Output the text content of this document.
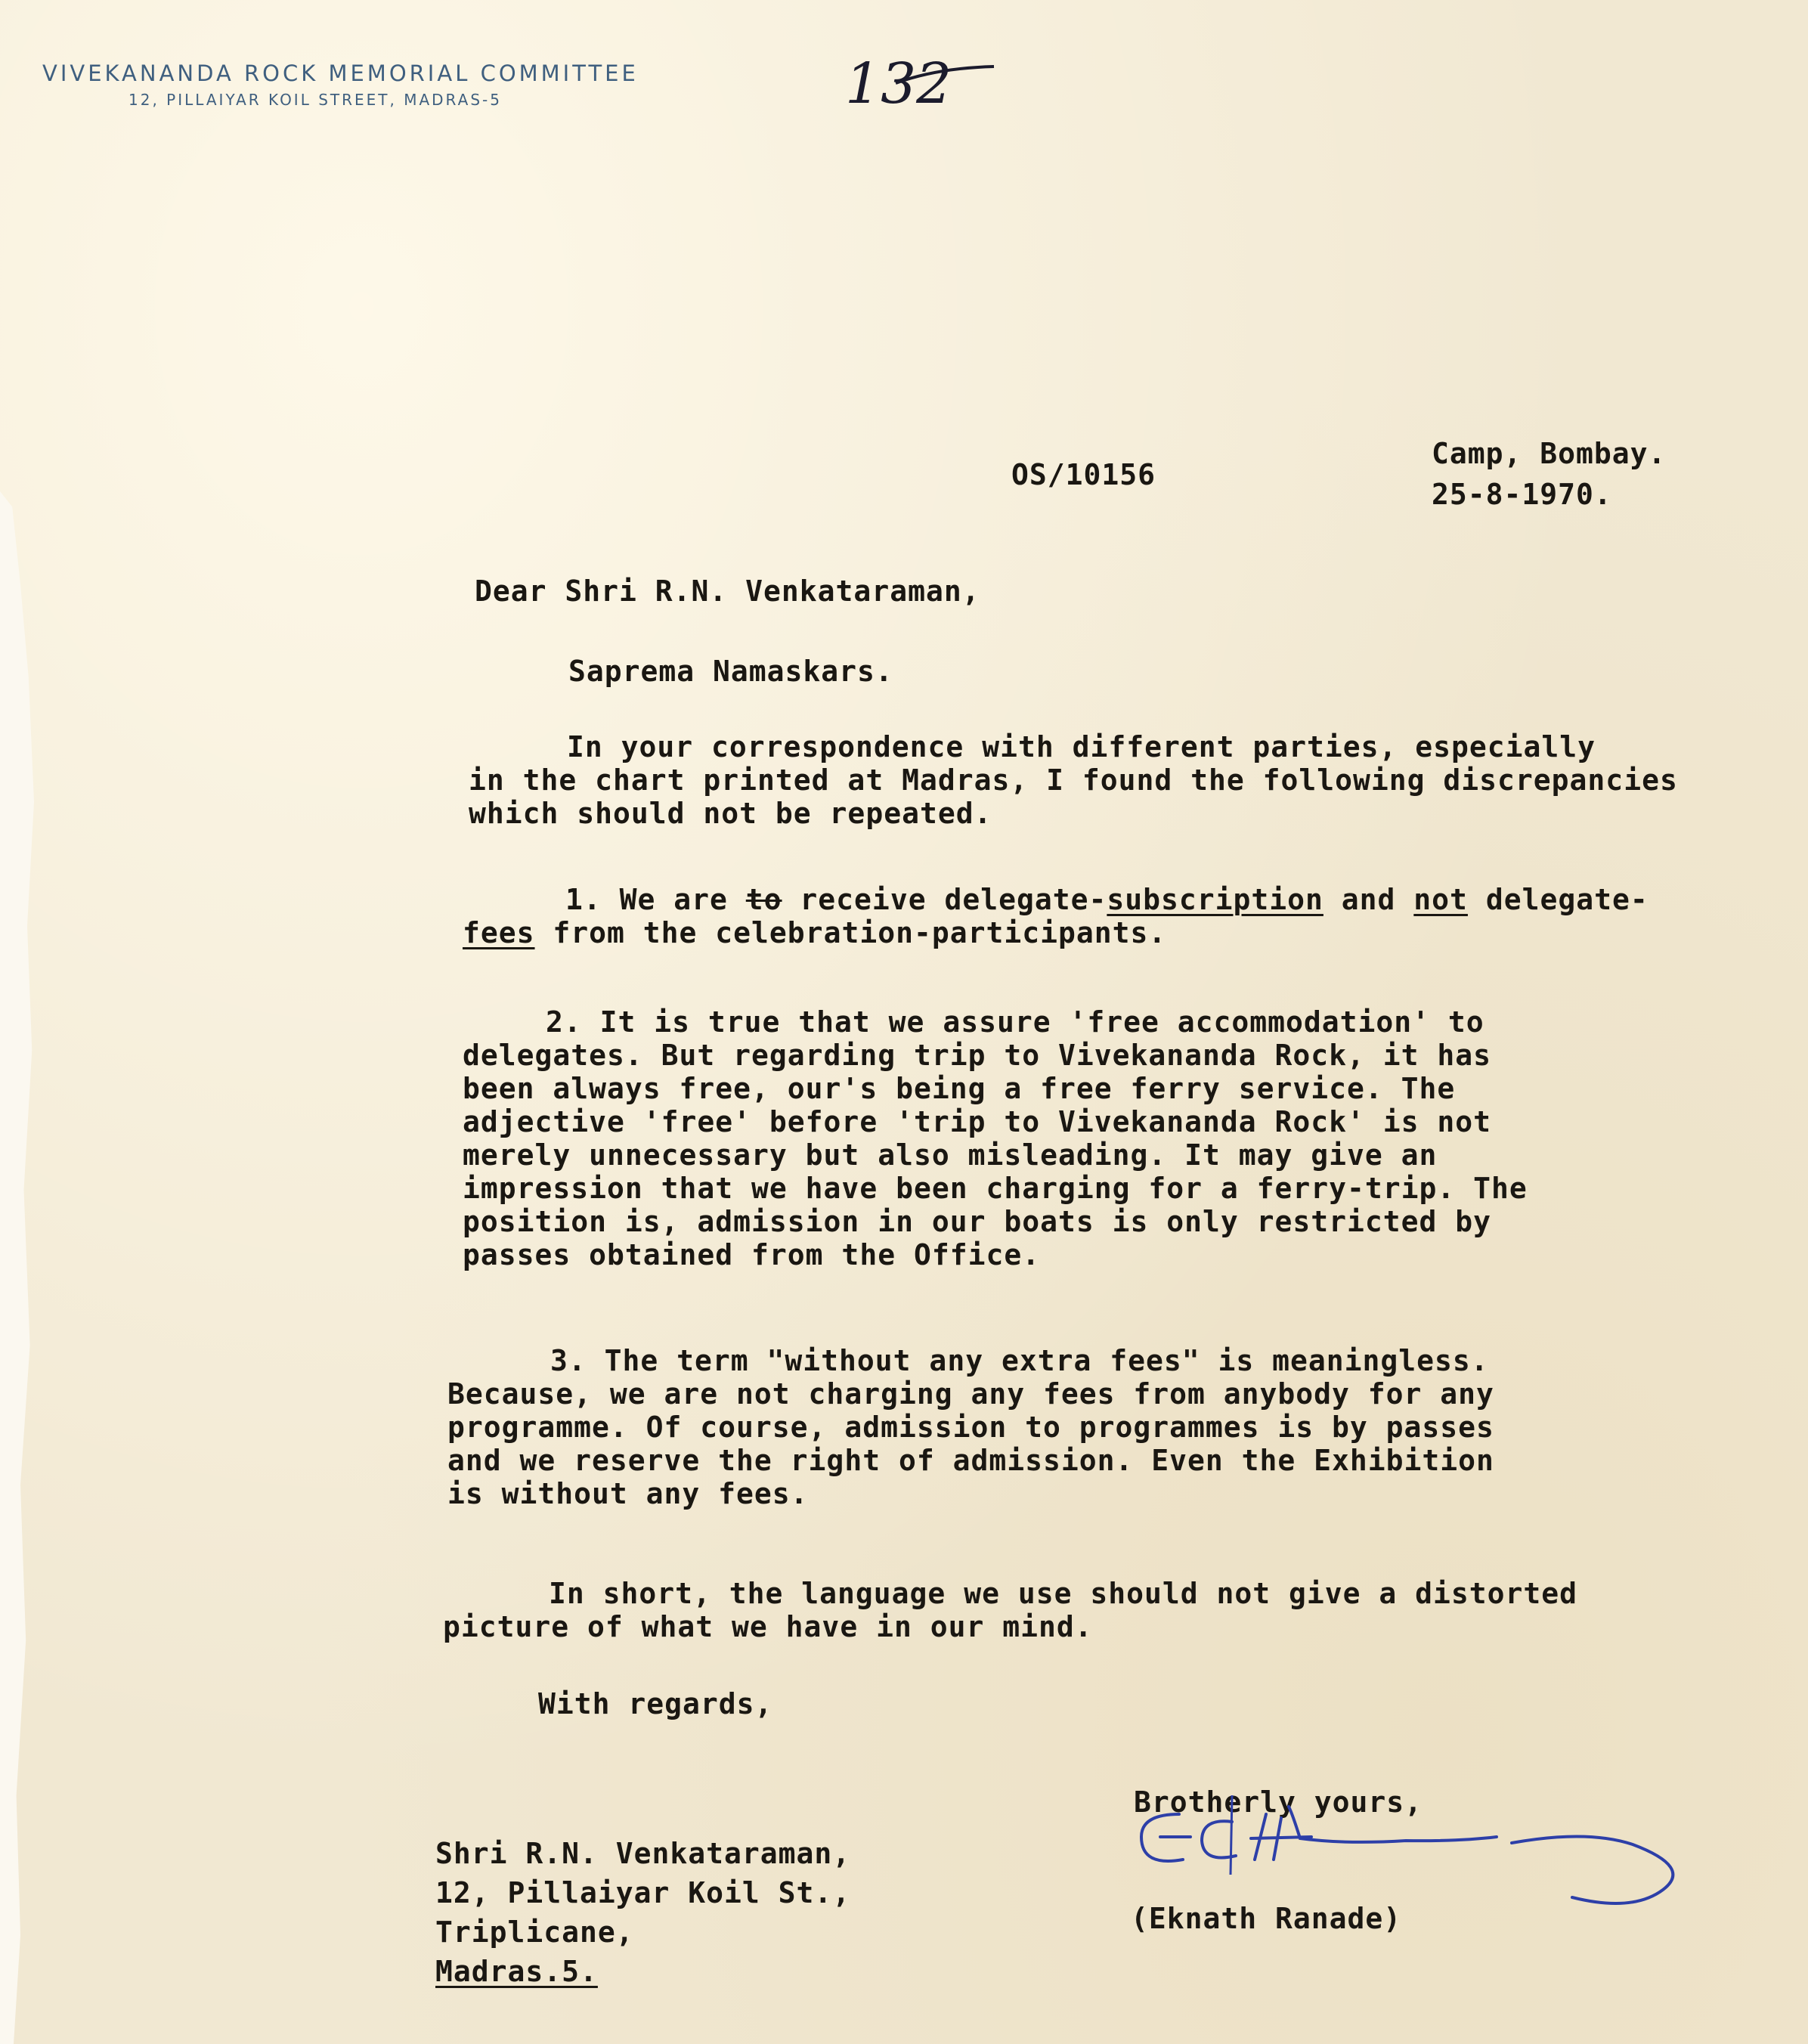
VIVEKANANDA ROCK MEMORIAL COMMITTEE
12, PILLAIYAR KOIL STREET, MADRAS-5	132
OS/10156
Camp, Bombay.
25-8-1970.
Dear Shri R.N. Venkataraman,
Saprema Namaskars.
In your correspondence with different parties, especially
in the chart printed at Madras, I found the following discrepancies
which should not be repeated.
1. We are to receive delegate-subscription and not delegate-
fees from the celebration-participants.
2. It is true that we assure 'free accommodation' to
delegates. But regarding trip to Vivekananda Rock, it has
been always free, our's being a free ferry service. The
adjective 'free' before 'trip to Vivekananda Rock' is not
merely unnecessary but also misleading. It may give an
impression that we have been charging for a ferry-trip. The
position is, admission in our boats is only restricted by
passes obtained from the Office.
3. The term "without any extra fees" is meaningless.
Because, we are not charging any fees from anybody for any
programme. Of course, admission to programmes is by passes
and we reserve the right of admission. Even the Exhibition
is without any fees.
In short, the language we use should not give a distorted
picture of what we have in our mind.
With regards,
Brotherly yours,
(Eknath Ranade)
Shri R.N. Venkataraman,
12, Pillaiyar Koil St.,
Triplicane,
Madras.5.
